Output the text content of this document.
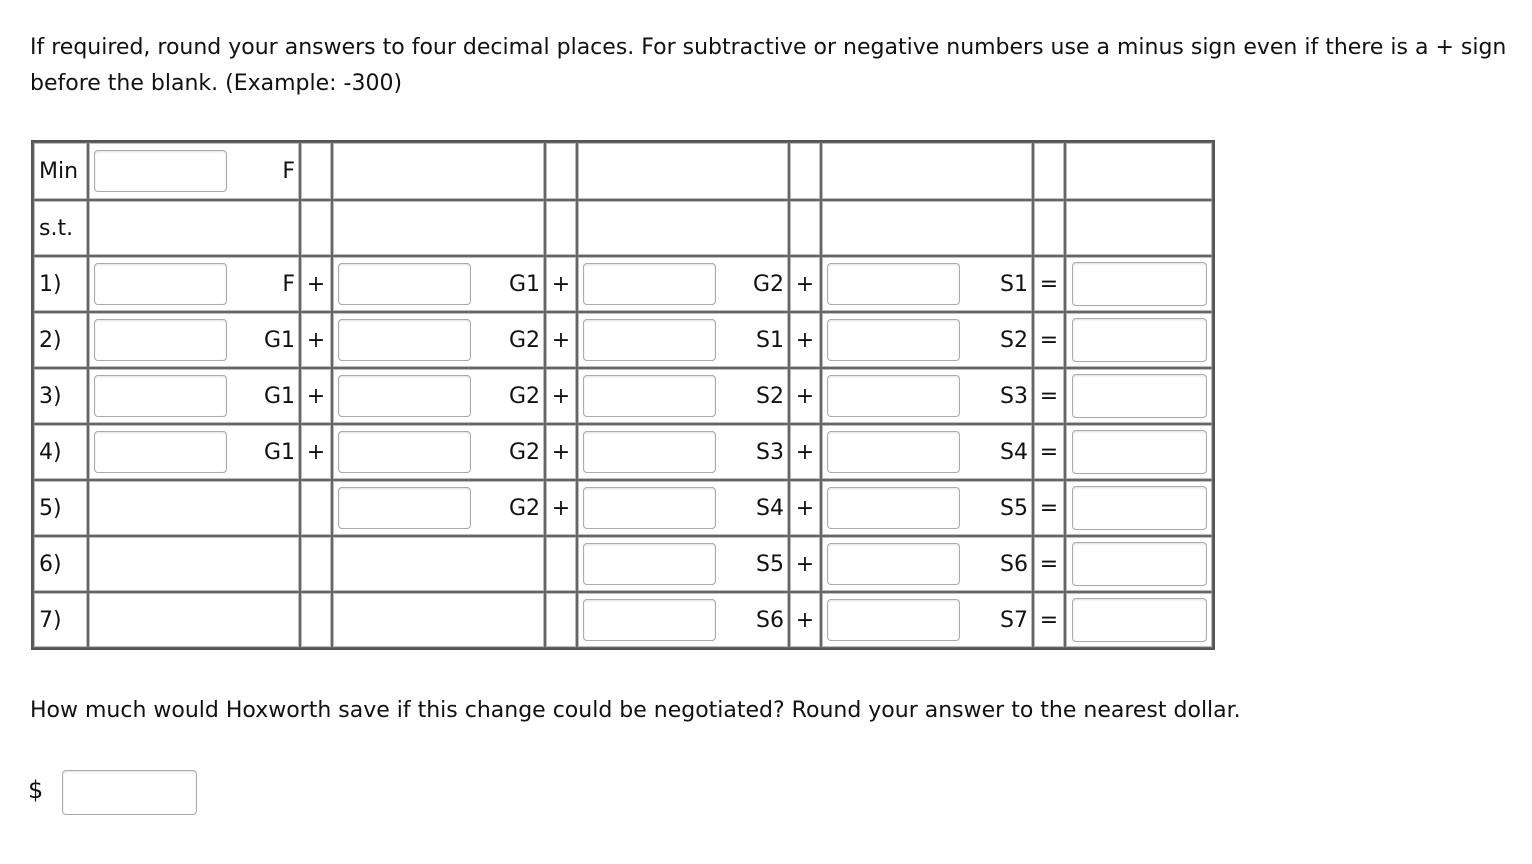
If required, round your answers to four decimal places. For subtractive or negative numbers use a minus sign even if there is a + sign before the blank. (Example: -300)
Min	F								

s.t.									
1)	F	+	G1	+	G2	+	S1	=	
2)	G1	+	G2	+	S1	+	S2	=	
3)	G1	+	G2	+	S2	+	S3	=	
4)	G1	+	G2	+	S3	+	S4	=	
5)			G2	+	S4	+	S5	=	
6)					S5	+	S6	=	
7)					S6	+	S7	=	
How much would Hoxworth save if this change could be negotiated? Round your answer to the nearest dollar.
$
